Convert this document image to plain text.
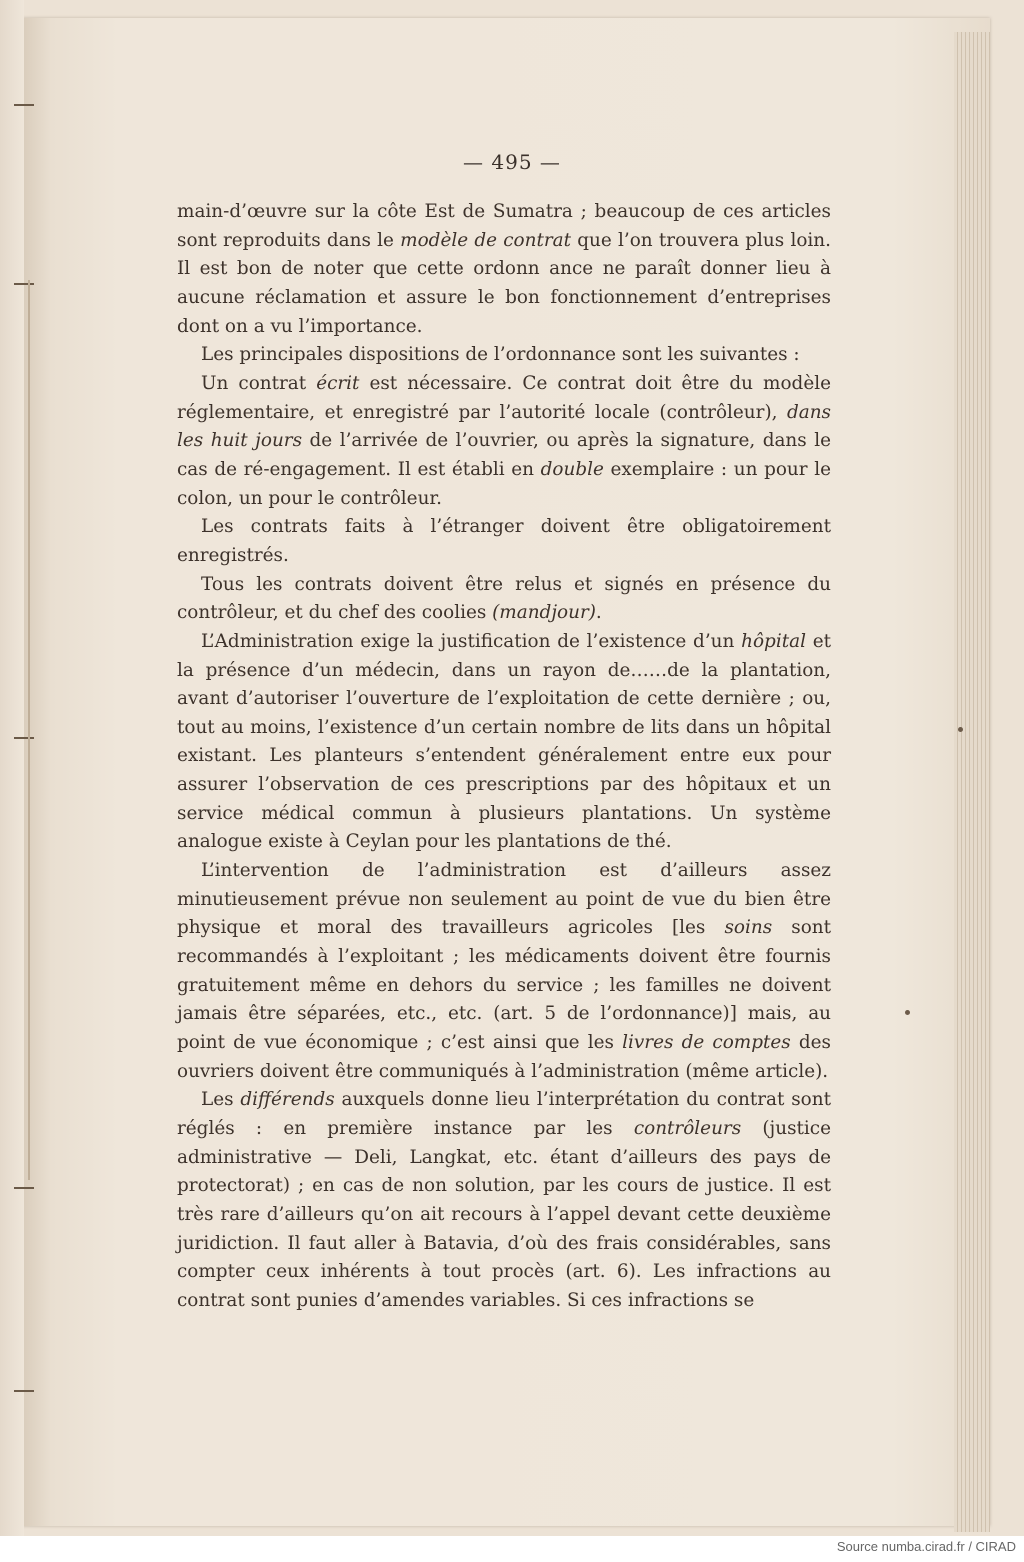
— 495 —

main-d’œuvre sur la côte Est de Sumatra ; beaucoup de ces articles sont reproduits dans le modèle de contrat que l’on trouvera plus loin. Il est bon de noter que cette ordonn ance ne paraît donner lieu à aucune réclamation et assure le bon fonctionnement d’entreprises dont on a vu l’importance.

Les principales dispositions de l’ordonnance sont les suivantes :

Un contrat écrit est nécessaire. Ce contrat doit être du modèle réglementaire, et enregistré par l’autorité locale (contrôleur), dans les huit jours de l’arrivée de l’ouvrier, ou après la signature, dans le cas de ré-engagement. Il est établi en double exemplaire : un pour le colon, un pour le contrôleur.

Les contrats faits à l’étranger doivent être obligatoirement enregistrés.

Tous les contrats doivent être relus et signés en présence du contrôleur, et du chef des coolies (mandjour).

L’Administration exige la justification de l’existence d’un hôpital et la présence d’un médecin, dans un rayon de……de la plantation, avant d’autoriser l’ouverture de l’exploitation de cette dernière ; ou, tout au moins, l’existence d’un certain nombre de lits dans un hôpital existant. Les planteurs s’entendent généralement entre eux pour assurer l’observation de ces prescriptions par des hôpitaux et un service médical commun à plusieurs plantations. Un système analogue existe à Ceylan pour les plantations de thé.

L’intervention de l’administration est d’ailleurs assez minutieusement prévue non seulement au point de vue du bien être physique et moral des travailleurs agricoles [les soins sont recommandés à l’exploitant ; les médicaments doivent être fournis gratuitement même en dehors du service ; les familles ne doivent jamais être séparées, etc., etc. (art. 5 de l’ordonnance)] mais, au point de vue économique ; c’est ainsi que les livres de comptes des ouvriers doivent être communiqués à l’administration (même article).

Les différends auxquels donne lieu l’interprétation du contrat sont réglés : en première instance par les contrôleurs (justice administrative — Deli, Langkat, etc. étant d’ailleurs des pays de protectorat) ; en cas de non solution, par les cours de justice. Il est très rare d’ailleurs qu’on ait recours à l’appel devant cette deuxième juridiction. Il faut aller à Batavia, d’où des frais considérables, sans compter ceux inhérents à tout procès (art. 6). Les infractions au contrat sont punies d’amendes variables. Si ces infractions se

Source numba.cirad.fr / CIRAD
